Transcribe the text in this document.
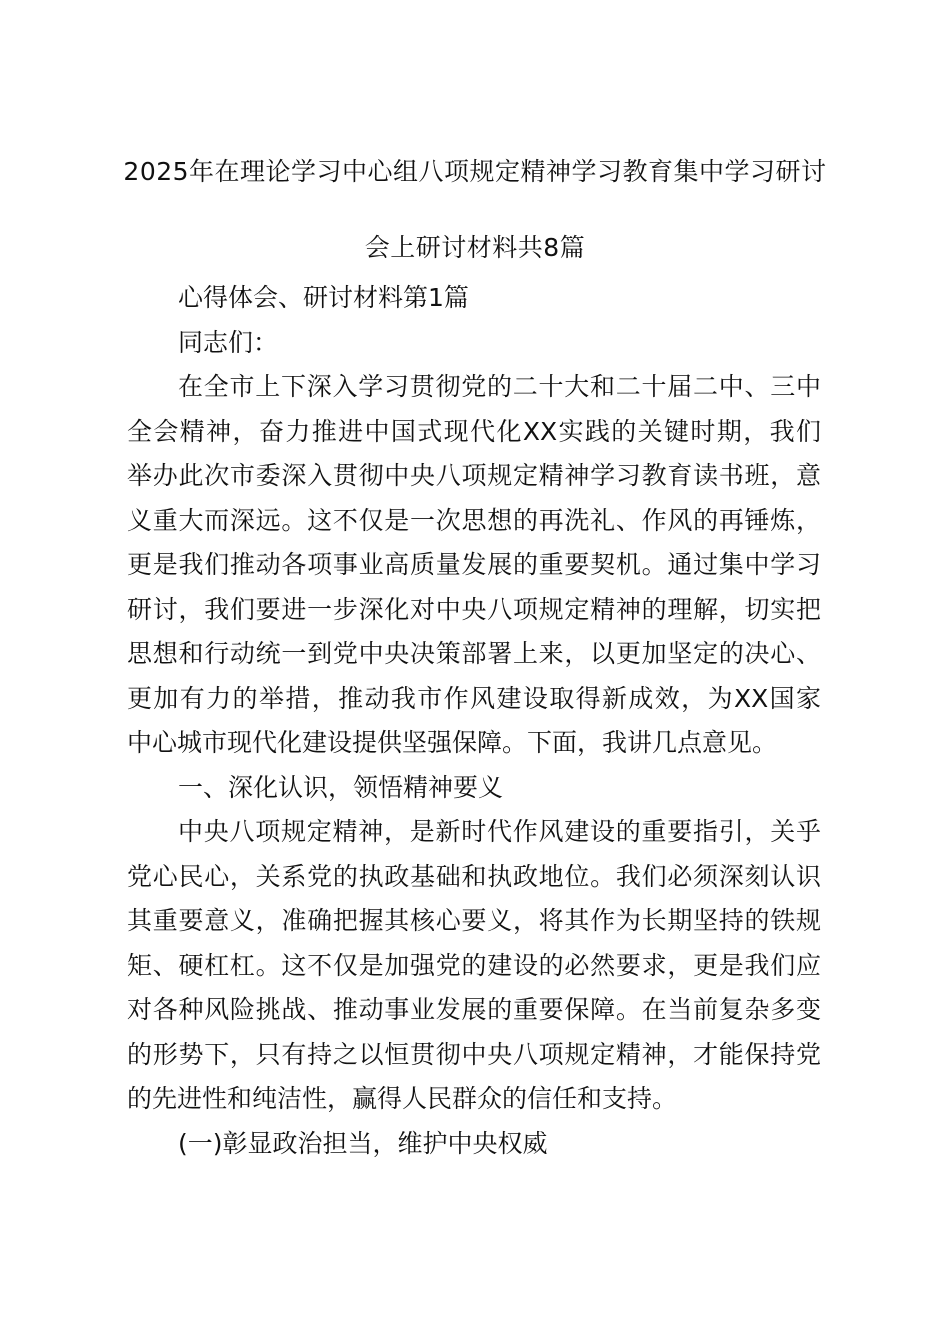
2025年在理论学习中心组八项规定精神学习教育集中学习研讨
会上研讨材料共8篇
心得体会、研讨材料第1篇
同志们：
在全市上下深入学习贯彻党的二十大和二十届二中、三中
全会精神，奋力推进中国式现代化XX实践的关键时期，我们
举办此次市委深入贯彻中央八项规定精神学习教育读书班，意
义重大而深远。这不仅是一次思想的再洗礼、作风的再锤炼，
更是我们推动各项事业高质量发展的重要契机。通过集中学习
研讨，我们要进一步深化对中央八项规定精神的理解，切实把
思想和行动统一到党中央决策部署上来，以更加坚定的决心、
更加有力的举措，推动我市作风建设取得新成效，为XX国家
中心城市现代化建设提供坚强保障。下面，我讲几点意见。
一、深化认识，领悟精神要义
中央八项规定精神，是新时代作风建设的重要指引，关乎
党心民心，关系党的执政基础和执政地位。我们必须深刻认识
其重要意义，准确把握其核心要义，将其作为长期坚持的铁规
矩、硬杠杠。这不仅是加强党的建设的必然要求，更是我们应
对各种风险挑战、推动事业发展的重要保障。在当前复杂多变
的形势下，只有持之以恒贯彻中央八项规定精神，才能保持党
的先进性和纯洁性，赢得人民群众的信任和支持。
(一)彰显政治担当，维护中央权威
